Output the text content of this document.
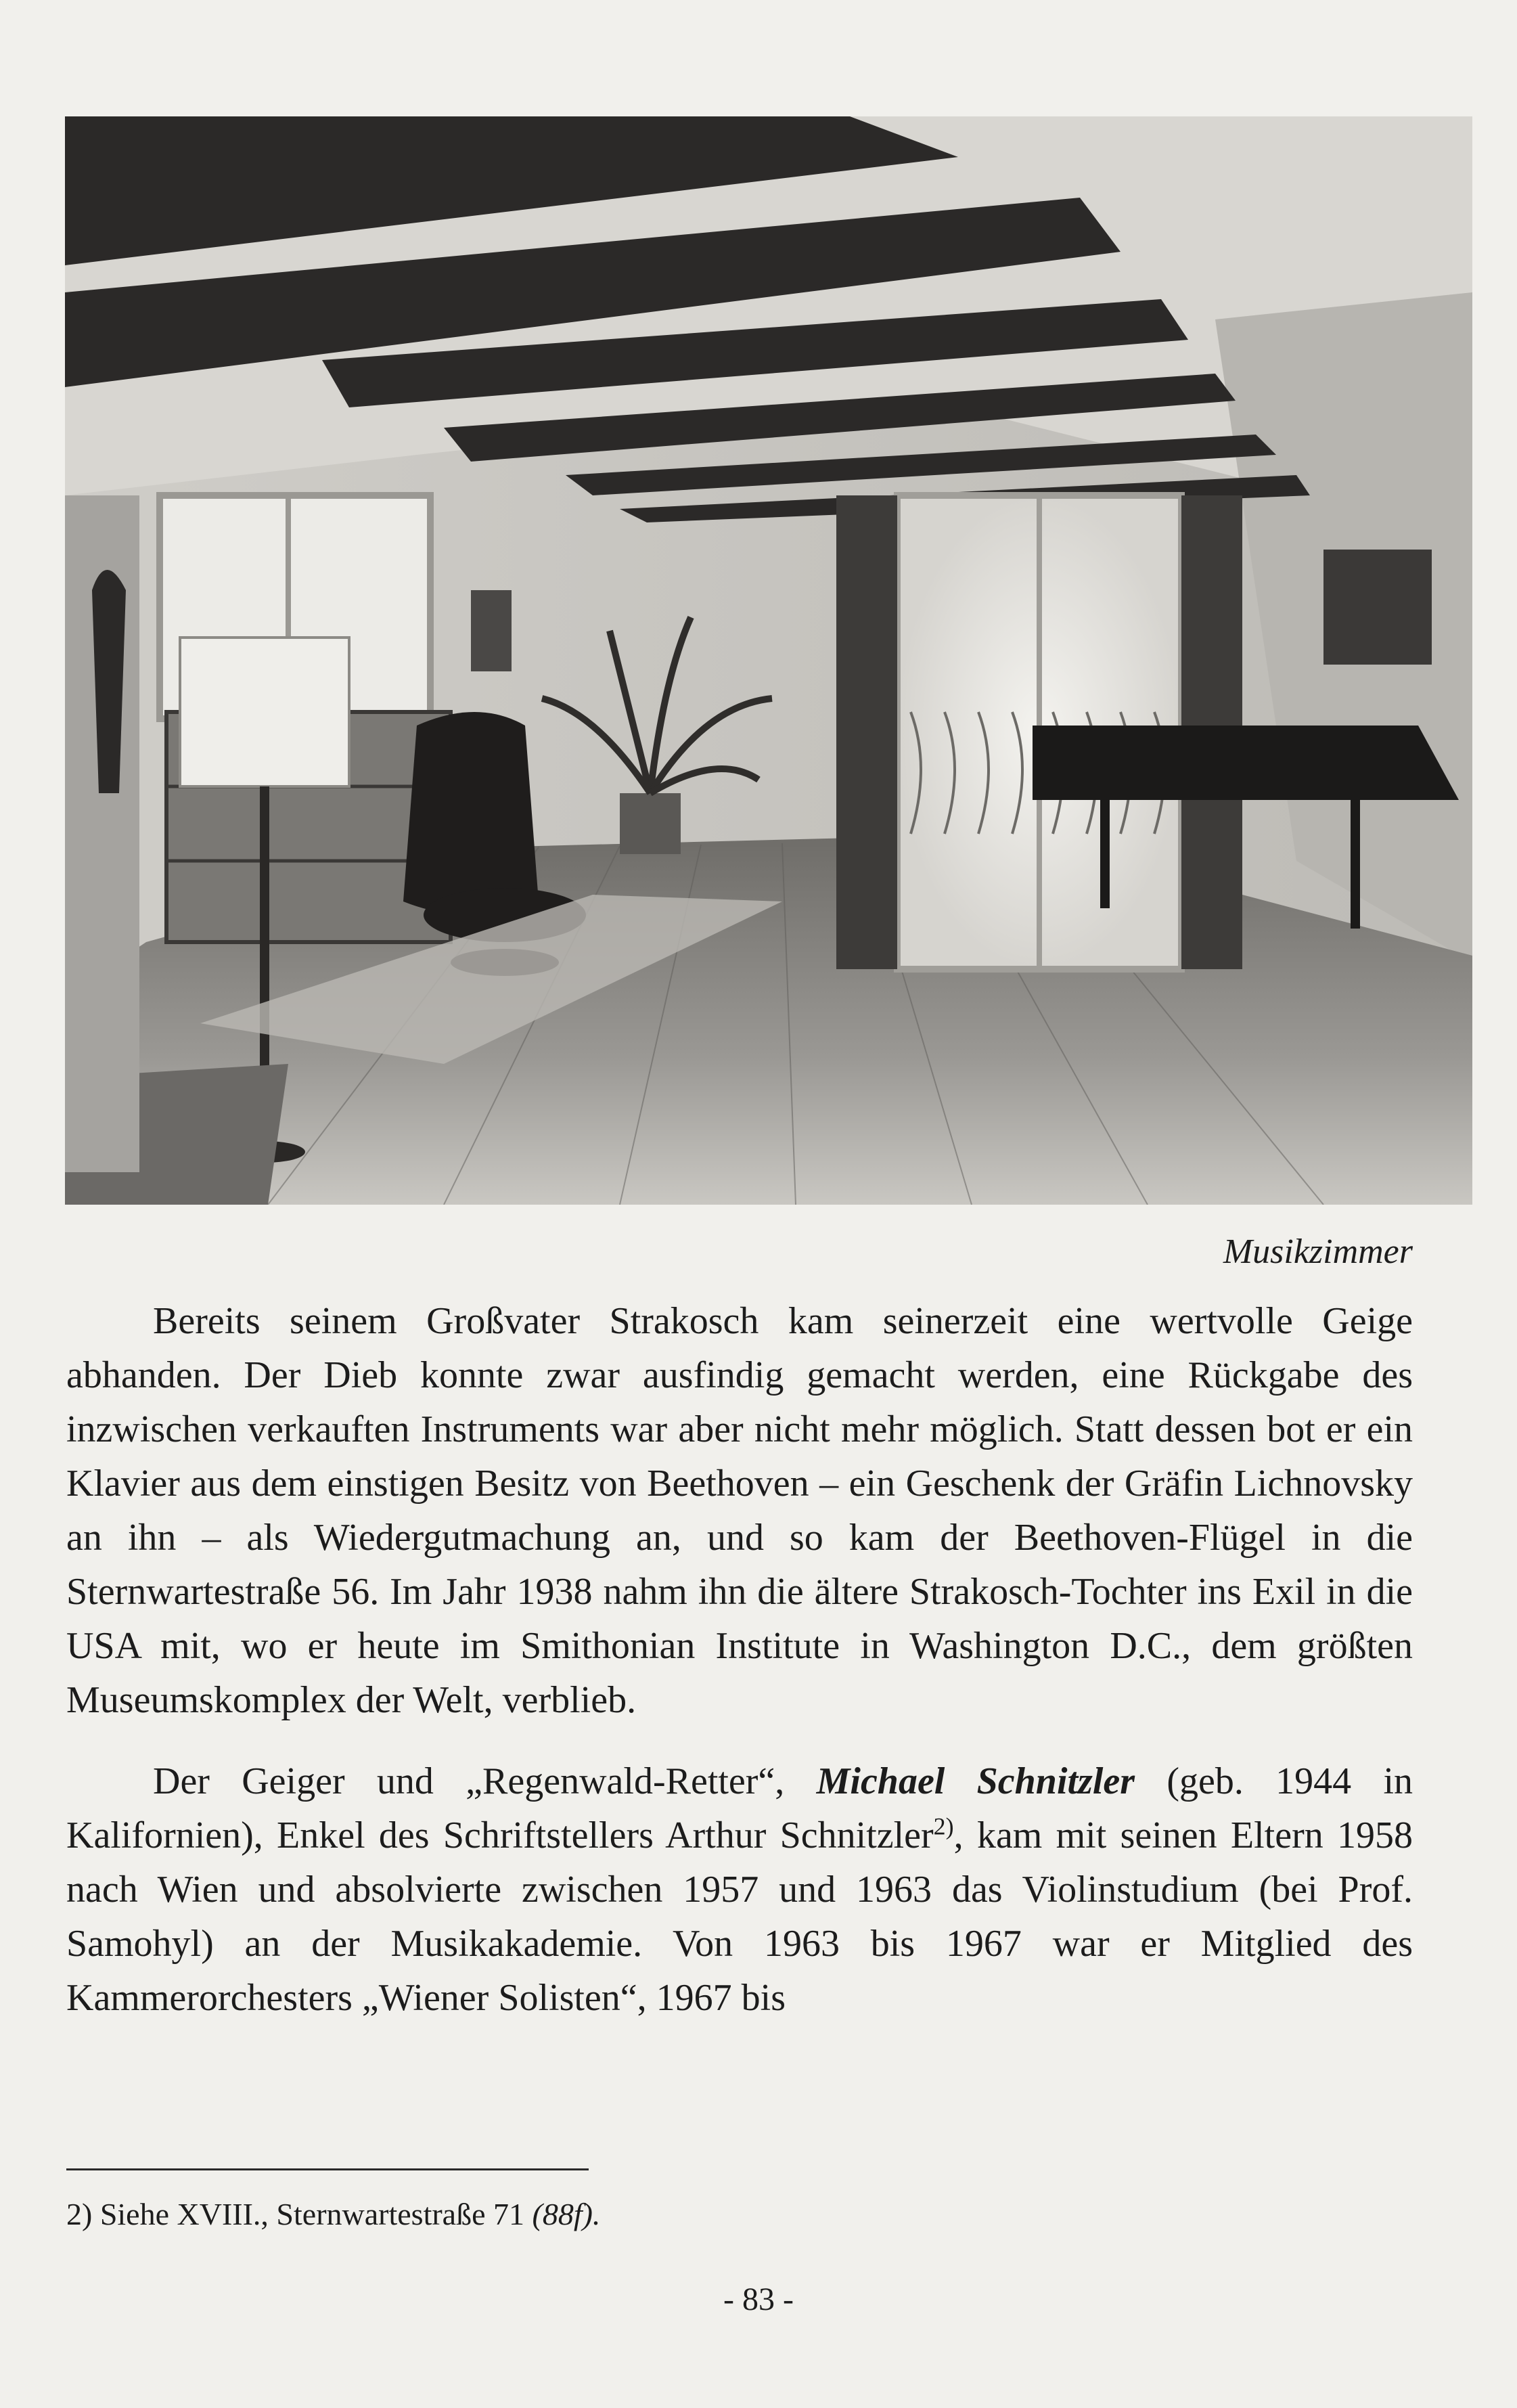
Musikzimmer

Bereits seinem Großvater Strakosch kam seinerzeit eine wertvolle Geige abhanden. Der Dieb konnte zwar ausfindig gemacht werden, eine Rückgabe des inzwischen verkauften Instruments war aber nicht mehr möglich. Statt dessen bot er ein Klavier aus dem einstigen Besitz von Beethoven – ein Geschenk der Gräfin Lichnovsky an ihn – als Wiedergutmachung an, und so kam der Beethoven-Flügel in die Sternwartestraße 56. Im Jahr 1938 nahm ihn die ältere Strakosch-Tochter ins Exil in die USA mit, wo er heute im Smithonian Institute in Washington D.C., dem größten Museumskomplex der Welt, verblieb.

Der Geiger und „Regenwald-Retter“, Michael Schnitzler (geb. 1944 in Kalifornien), Enkel des Schriftstellers Arthur Schnitzler$^{2)}$, kam mit seinen Eltern 1958 nach Wien und absolvierte zwischen 1957 und 1963 das Violinstudium (bei Prof. Samohyl) an der Musikakademie. Von 1963 bis 1967 war er Mitglied des Kammerorchesters „Wiener Solisten“, 1967 bis

2) Siehe XVIII., Sternwartestraße 71 (88f).
- 83 -
